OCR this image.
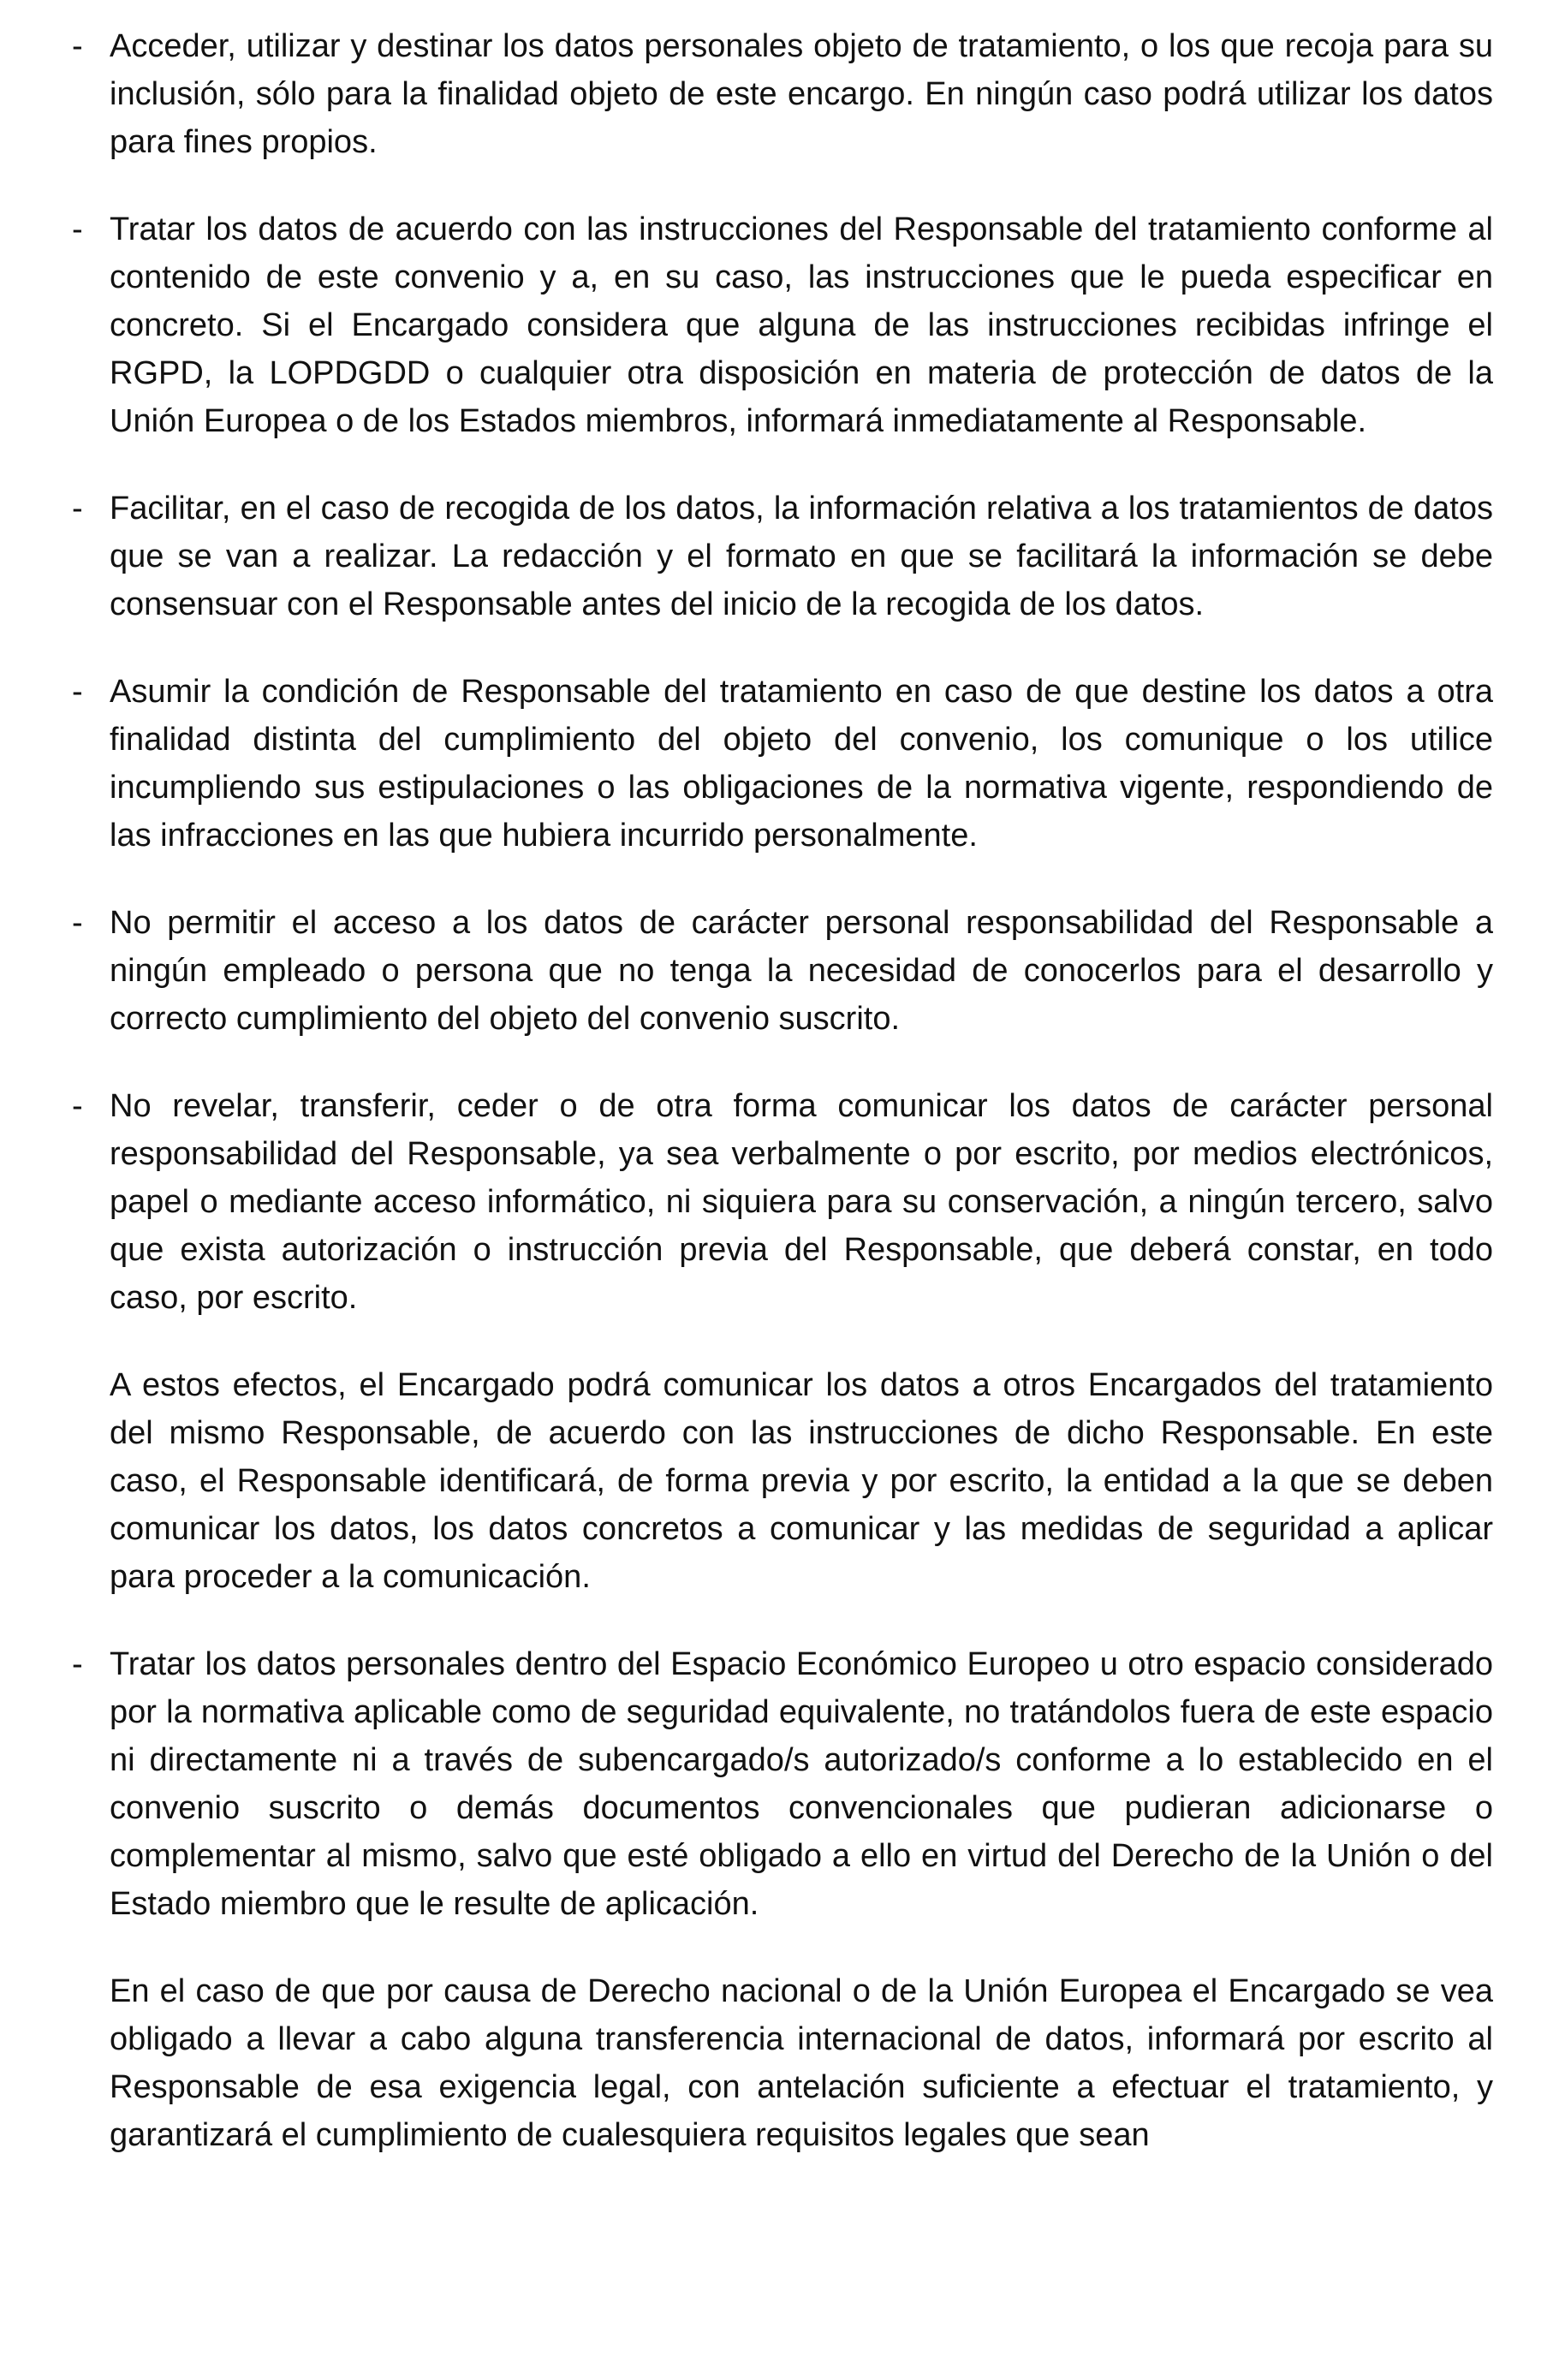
- Acceder, utilizar y destinar los datos personales objeto de tratamiento, o los que recoja para su inclusión, sólo para la finalidad objeto de este encargo. En ningún caso podrá utilizar los datos para fines propios.

- Tratar los datos de acuerdo con las instrucciones del Responsable del tratamiento conforme al contenido de este convenio y a, en su caso, las instrucciones que le pueda especificar en concreto. Si el Encargado considera que alguna de las instrucciones recibidas infringe el RGPD, la LOPDGDD o cualquier otra disposición en materia de protección de datos de la Unión Europea o de los Estados miembros, informará inmediatamente al Responsable.

- Facilitar, en el caso de recogida de los datos, la información relativa a los tratamientos de datos que se van a realizar. La redacción y el formato en que se facilitará la información se debe consensuar con el Responsable antes del inicio de la recogida de los datos.

- Asumir la condición de Responsable del tratamiento en caso de que destine los datos a otra finalidad distinta del cumplimiento del objeto del convenio, los comunique o los utilice incumpliendo sus estipulaciones o las obligaciones de la normativa vigente, respondiendo de las infracciones en las que hubiera incurrido personalmente.

- No permitir el acceso a los datos de carácter personal responsabilidad del Responsable a ningún empleado o persona que no tenga la necesidad de conocerlos para el desarrollo y correcto cumplimiento del objeto del convenio suscrito.

- No revelar, transferir, ceder o de otra forma comunicar los datos de carácter personal responsabilidad del Responsable, ya sea verbalmente o por escrito, por medios electrónicos, papel o mediante acceso informático, ni siquiera para su conservación, a ningún tercero, salvo que exista autorización o instrucción previa del Responsable, que deberá constar, en todo caso, por escrito.

A estos efectos, el Encargado podrá comunicar los datos a otros Encargados del tratamiento del mismo Responsable, de acuerdo con las instrucciones de dicho Responsable. En este caso, el Responsable identificará, de forma previa y por escrito, la entidad a la que se deben comunicar los datos, los datos concretos a comunicar y las medidas de seguridad a aplicar para proceder a la comunicación.

- Tratar los datos personales dentro del Espacio Económico Europeo u otro espacio considerado por la normativa aplicable como de seguridad equivalente, no tratándolos fuera de este espacio ni directamente ni a través de subencargado/s autorizado/s conforme a lo establecido en el convenio suscrito o demás documentos convencionales que pudieran adicionarse o complementar al mismo, salvo que esté obligado a ello en virtud del Derecho de la Unión o del Estado miembro que le resulte de aplicación.

En el caso de que por causa de Derecho nacional o de la Unión Europea el Encargado se vea obligado a llevar a cabo alguna transferencia internacional de datos, informará por escrito al Responsable de esa exigencia legal, con antelación suficiente a efectuar el tratamiento, y garantizará el cumplimiento de cualesquiera requisitos legales que sean
